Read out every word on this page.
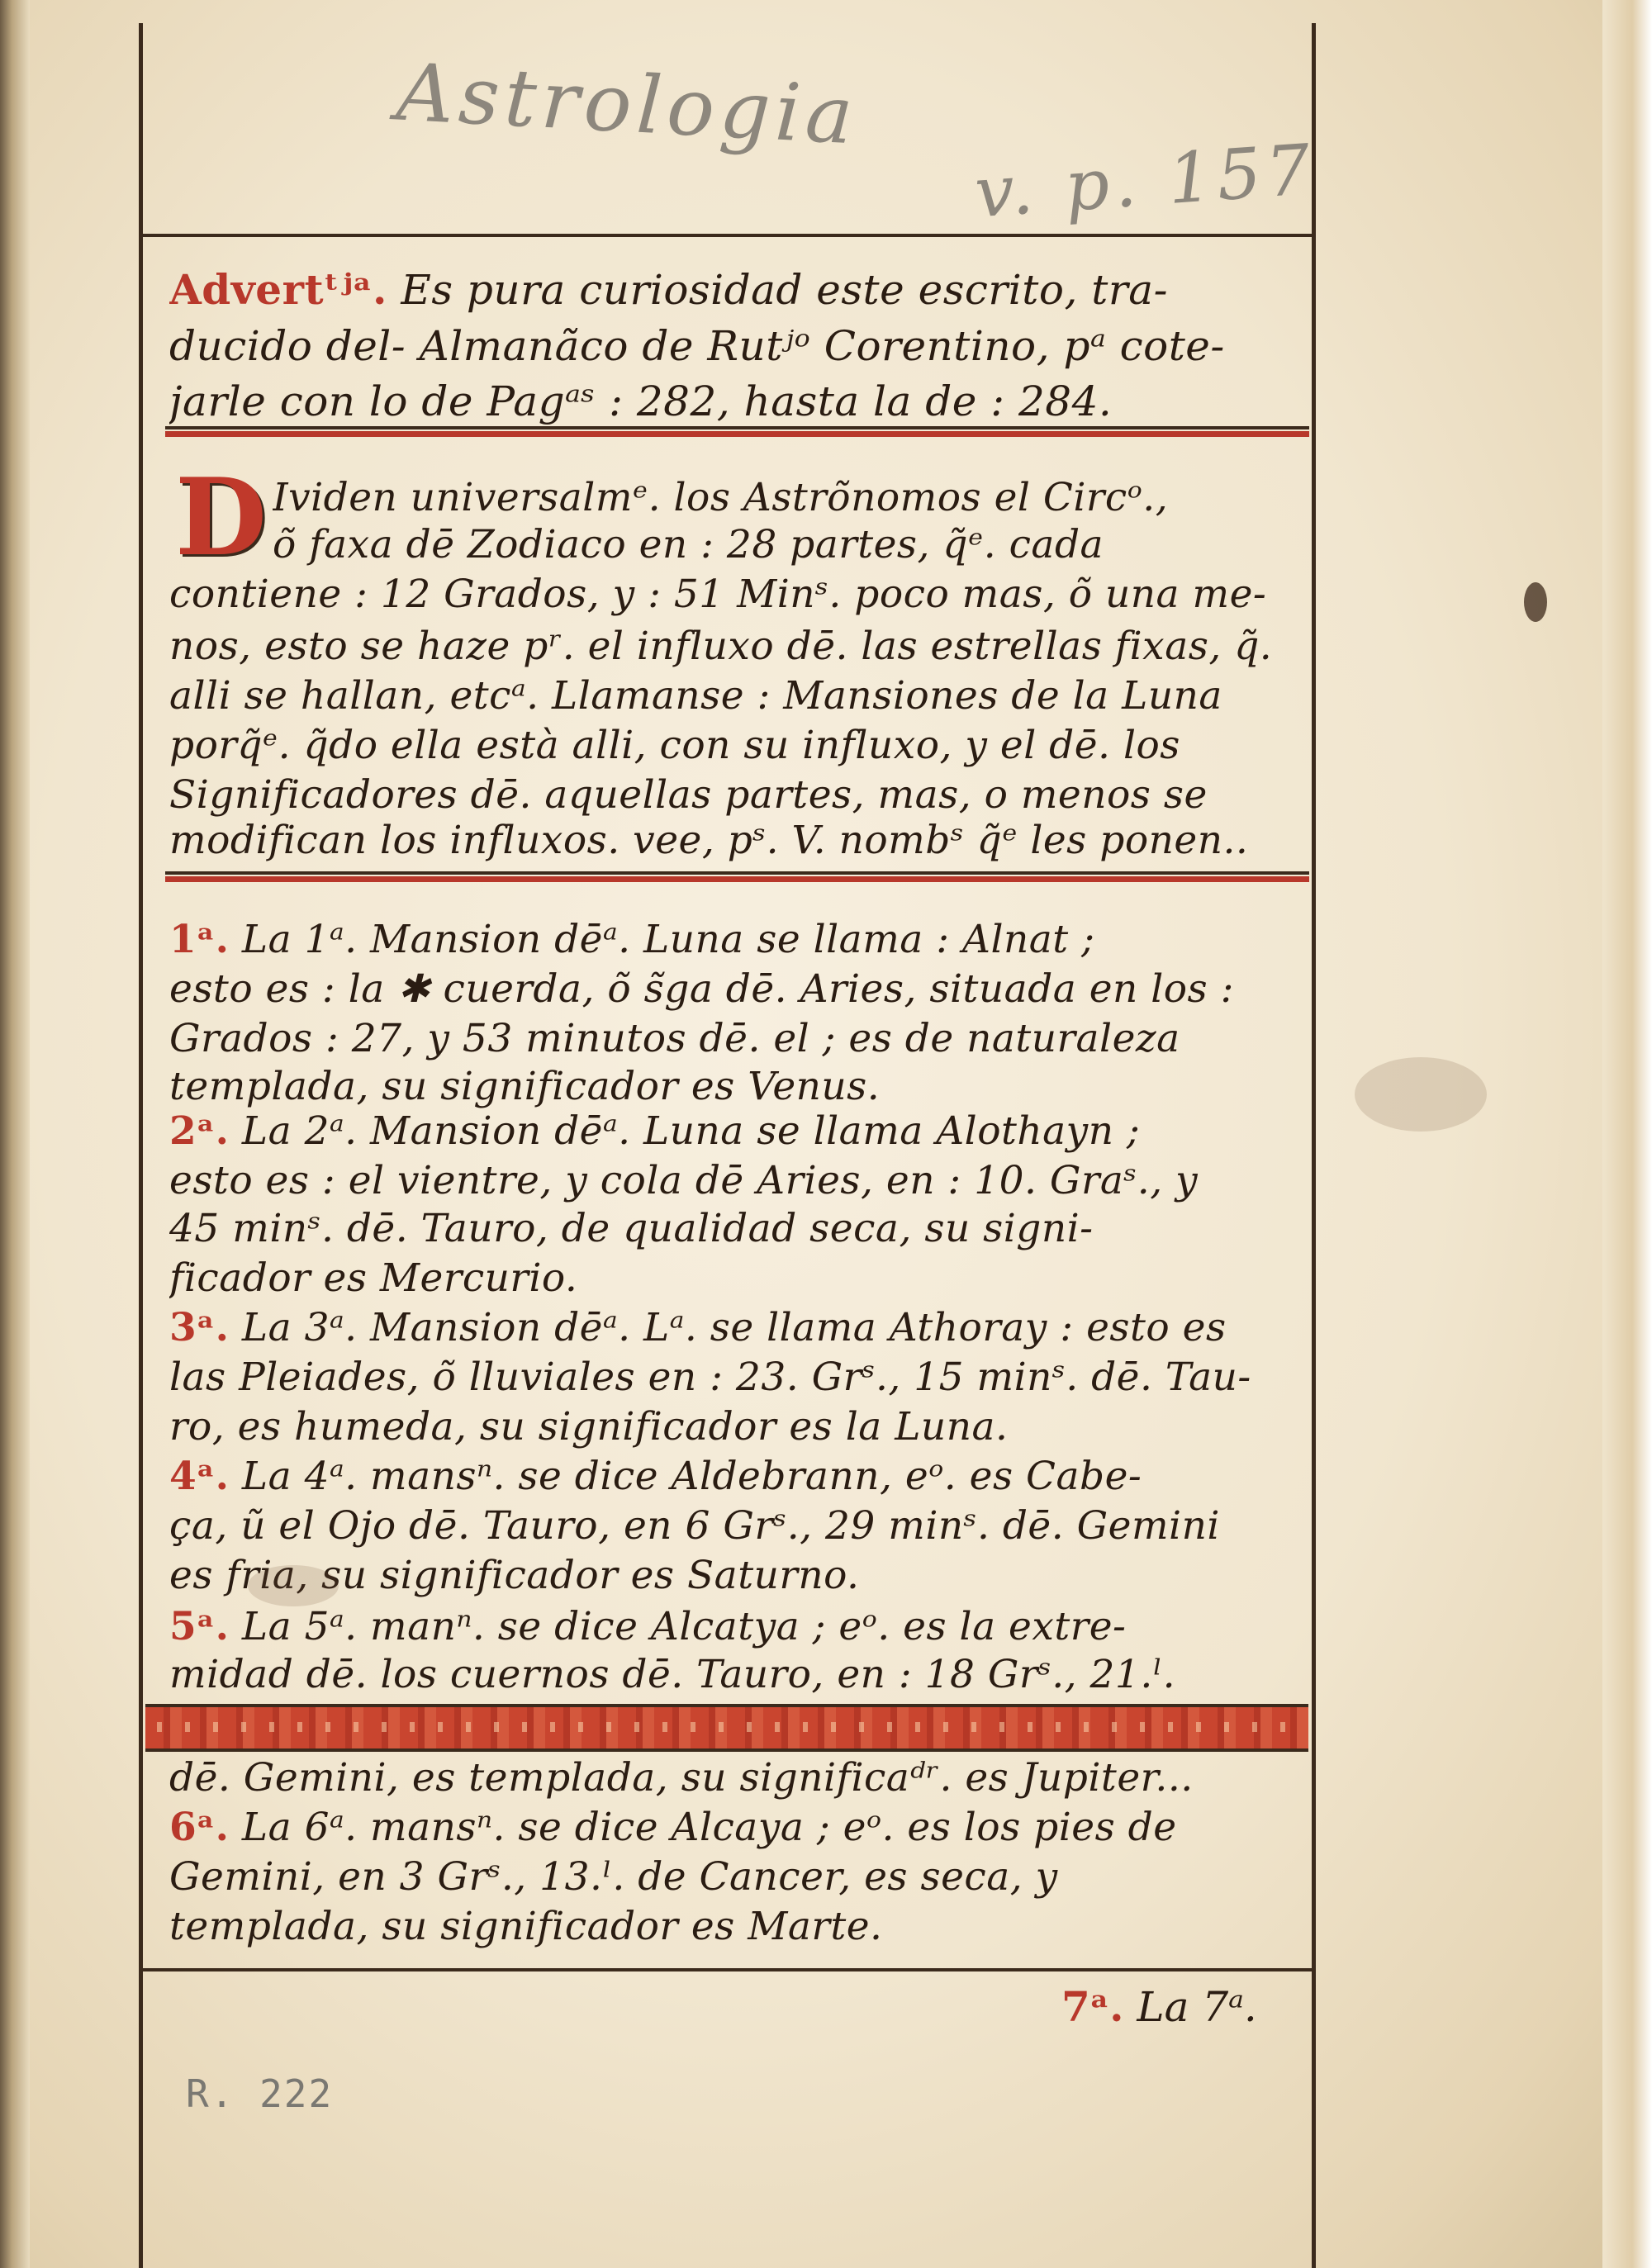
Astrologia
v. p. 157
R. 222
Advertᵗʲᵃ. Es pura curiosidad este escrito, tra-
ducido del- Almanãco de Rutʲᵒ Corentino, pᵃ cote-
jarle con lo de Pagᵃˢ : 282, hasta la de : 284.
D Ividen universalmᵉ. los Astrõnomos el Circᵒ.,
õ faxa dē Zodiaco en : 28 partes, q̃ᵉ. cada
contiene : 12 Grados, y : 51 Minˢ. poco mas, õ una me-
nos, esto se haze pʳ. el influxo dē. las estrellas fixas, q̃.
alli se hallan, etcᵃ. Llamanse : Mansiones de la Luna
porq̃ᵉ. q̃do ella està alli, con su influxo, y el dē. los
Significadores dē. aquellas partes, mas, o menos se
modifican los influxos. vee, pˢ. V. nombˢ q̃ᵉ les ponen..
1ᵃ. La 1ᵃ. Mansion dēᵃ. Luna se llama : Alnat ;
esto es : la ✱ cuerda, õ s̃ga dē. Aries, situada en los :
Grados : 27, y 53 minutos dē. el ; es de naturaleza
templada, su significador es Venus.
2ᵃ. La 2ᵃ. Mansion dēᵃ. Luna se llama Alothayn ;
esto es : el vientre, y cola dē Aries, en : 10. Graˢ., y
45 minˢ. dē. Tauro, de qualidad seca, su signi-
ficador es Mercurio.
3ᵃ. La 3ᵃ. Mansion dēᵃ. Lᵃ. se llama Athoray : esto es
las Pleiades, õ lluviales en : 23. Grˢ., 15 minˢ. dē. Tau-
ro, es humeda, su significador es la Luna.
4ᵃ. La 4ᵃ. mansⁿ. se dice Aldebrann, eᵒ. es Cabe-
ça, ũ el Ojo dē. Tauro, en 6 Grˢ., 29 minˢ. dē. Gemini
es fria, su significador es Saturno.
5ᵃ. La 5ᵃ. manⁿ. se dice Alcatya ; eᵒ. es la extre-
midad dē. los cuernos dē. Tauro, en : 18 Grˢ., 21.ˡ.
dē. Gemini, es templada, su significaᵈʳ. es Jupiter...
6ᵃ. La 6ᵃ. mansⁿ. se dice Alcaya ; eᵒ. es los pies de
Gemini, en 3 Grˢ., 13.ˡ. de Cancer, es seca, y
templada, su significador es Marte.
7ᵃ. La 7ᵃ.
